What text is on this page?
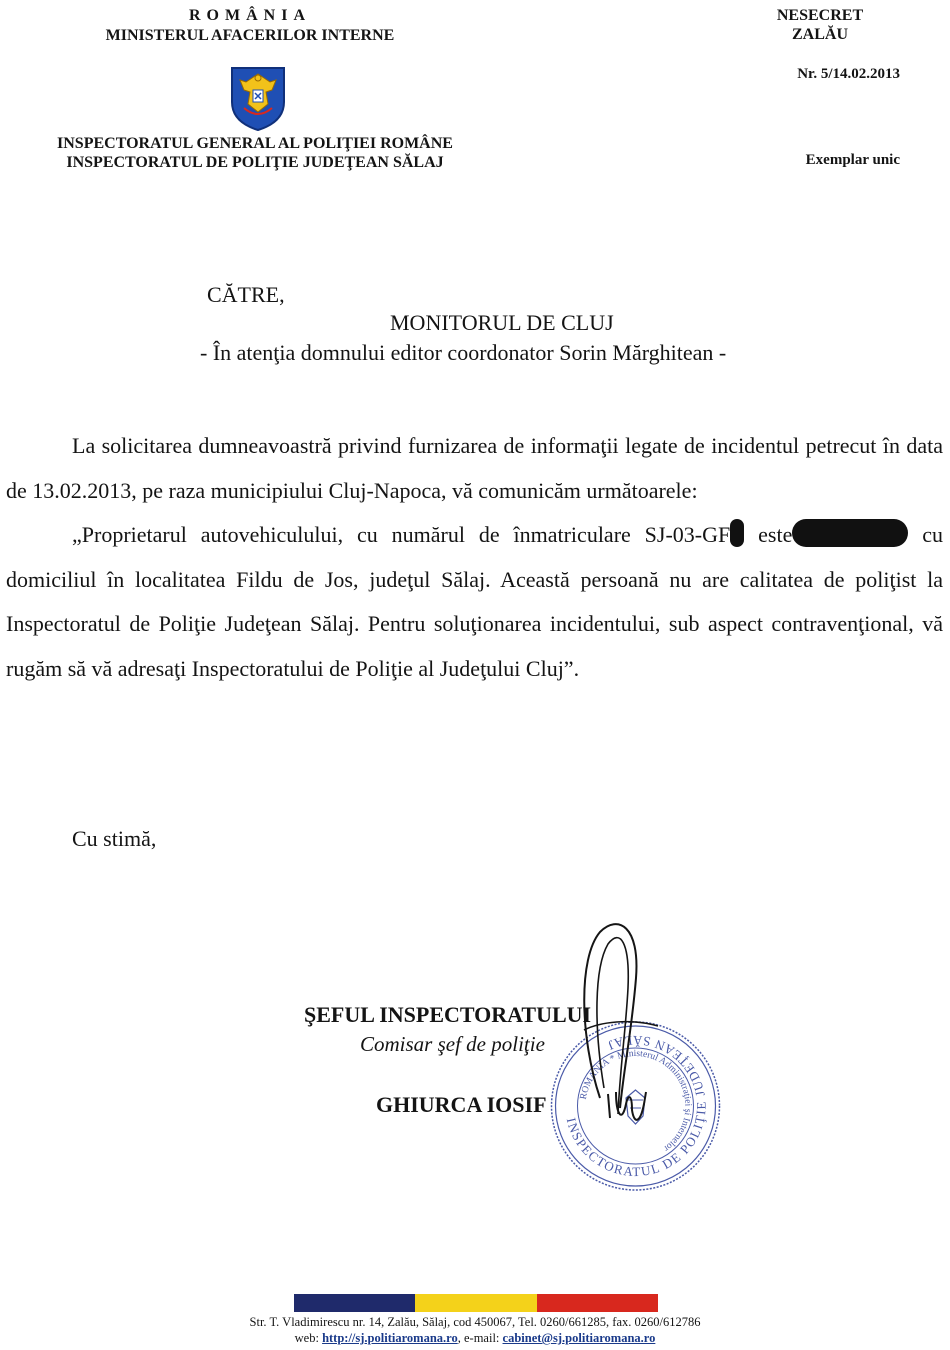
ROMÂNIA
MINISTERUL AFACERILOR INTERNE
INSPECTORATUL GENERAL AL POLIŢIEI ROMÂNE
INSPECTORATUL DE POLIŢIE JUDEŢEAN SĂLAJ
NESECRET
ZALĂU
Nr. 5/14.02.2013
Exemplar unic
CĂTRE,
MONITORUL DE CLUJ
- În atenţia domnului editor coordonator Sorin Mărghitean -

La solicitarea dumneavoastră privind furnizarea de informaţii legate de incidentul petrecut în data de 13.02.2013, pe raza municipiului Cluj-Napoca, vă comunicăm următoarele:

„Proprietarul autovehiculului, cu numărul de înmatriculare SJ-03-GF este	cu domiciliul în localitatea Fildu de Jos, judeţul Sălaj. Această persoană nu are calitatea de poliţist la Inspectoratul de Poliţie Judeţean Sălaj. Pentru soluţionarea incidentului, sub aspect contravenţional, vă rugăm să vă adresaţi Inspectoratului de Poliţie al Judeţului Cluj”.

Cu stimă,
INSPECTORATUL DE POLIŢIE JUDEŢEAN SĂLAJ
ROMANIA * Ministerul Administraţiei şi Internelor
ŞEFUL INSPECTORATULUI
Comisar şef de poliţie
GHIURCA IOSIF
Str. T. Vladimirescu nr. 14, Zalău, Sălaj, cod 450067, Tel. 0260/661285, fax. 0260/612786
web: http://sj.politiaromana.ro, e-mail: cabinet@sj.politiaromana.ro
